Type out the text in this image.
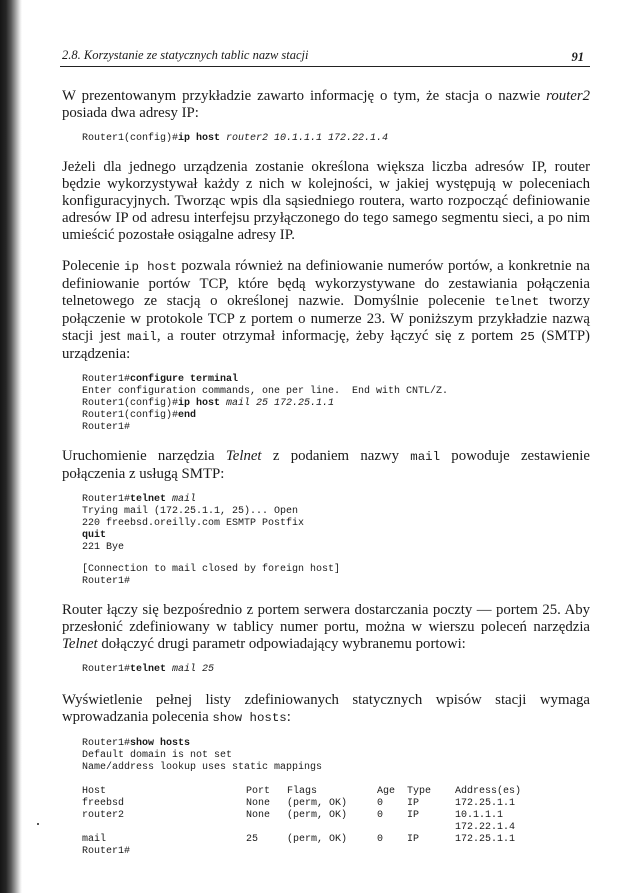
2.8. Korzystanie ze statycznych tablic nazw stacji	91

W prezentowanym przykładzie zawarto informację o tym, że stacja o nazwie router2 posiada dwa adresy IP:

Router1(config)#ip host router2 10.1.1.1 172.22.1.4

Jeżeli dla jednego urządzenia zostanie określona większa liczba adresów IP, router będzie wykorzystywał każdy z nich w kolejności, w jakiej występują w poleceniach konfiguracyjnych. Tworząc wpis dla sąsiedniego routera, warto rozpocząć definiowanie adresów IP od adresu interfejsu przyłączonego do tego samego segmentu sieci, a po nim umieścić pozostałe osiągalne adresy IP.

Polecenie ip host pozwala również na definiowanie numerów portów, a konkretnie na definiowanie portów TCP, które będą wykorzystywane do zestawiania połączenia telnetowego ze stacją o określonej nazwie. Domyślnie polecenie telnet tworzy połączenie w protokole TCP z portem o numerze 23. W poniższym przykładzie nazwą stacji jest mail, a router otrzymał informację, żeby łączyć się z portem 25 (SMTP) urządzenia:

Router1#configure terminal
Enter configuration commands, one per line.  End with CNTL/Z.
Router1(config)#ip host mail 25 172.25.1.1
Router1(config)#end
Router1#

Uruchomienie narzędzia Telnet z podaniem nazwy mail powoduje zestawienie połączenia z usługą SMTP:

Router1#telnet mail
Trying mail (172.25.1.1, 25)... Open
220 freebsd.oreilly.com ESMTP Postfix
quit
221 Bye
[Connection to mail closed by foreign host]
Router1#

Router łączy się bezpośrednio z portem serwera dostarczania poczty — portem 25. Aby przesłonić zdefiniowany w tablicy numer portu, można w wierszu poleceń narzędzia Telnet dołączyć drugi parametr odpowiadający wybranemu portowi:

Router1#telnet mail 25

Wyświetlenie pełnej listy zdefiniowanych statycznych wpisów stacji wymaga wprowadzania polecenia show hosts:

Router1#show hosts
Default domain is not set
Name/address lookup uses static mappings
Host	Port	Flags	Age	Type	Address(es)
freebsd	None	(perm, OK)	0	IP	172.25.1.1
router2	None	(perm, OK)	0	IP	10.1.1.1
					172.22.1.4
mail	25	(perm, OK)	0	IP	172.25.1.1
Router1#
